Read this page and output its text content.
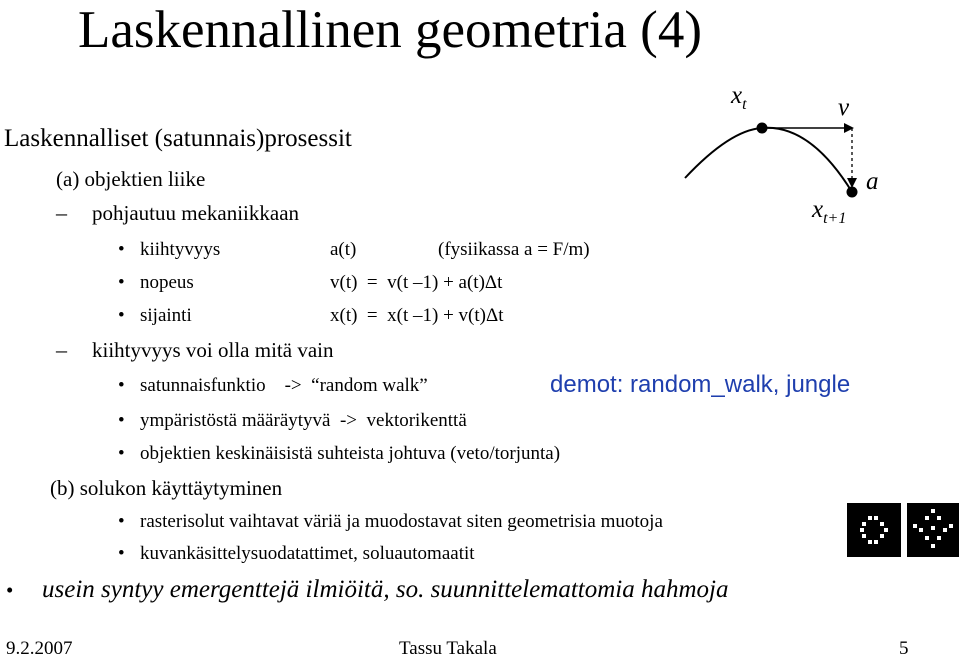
Laskennallinen geometria (4)
Laskennalliset (satunnais)prosessit
(a) objektien liike
– pohjautuu mekaniikkaan
• kiihtyvyys	a(t)	(fysiikassa a = F/m)
• nopeus	v(t)  =  v(t –1) + a(t)Δt
• sijainti	x(t)  =  x(t –1) + v(t)Δt
– kiihtyvyys voi olla mitä vain
• satunnaisfunktio    ->  “random walk”	demot: random_walk, jungle
• ympäristöstä määräytyvä  ->  vektorikenttä
• objektien keskinäisistä suhteista johtuva (veto/torjunta)
(b) solukon käyttäytyminen
• rasterisolut vaihtavat väriä ja muodostavat siten geometrisia muotoja
• kuvankäsittelysuodatattimet, soluautomaatit
• usein syntyy emergenttejä ilmiöitä, so. suunnittelemattomia hahmoja
$x_t$	v
a
$x_{t+1}$
9.2.2007	Tassu Takala	5
